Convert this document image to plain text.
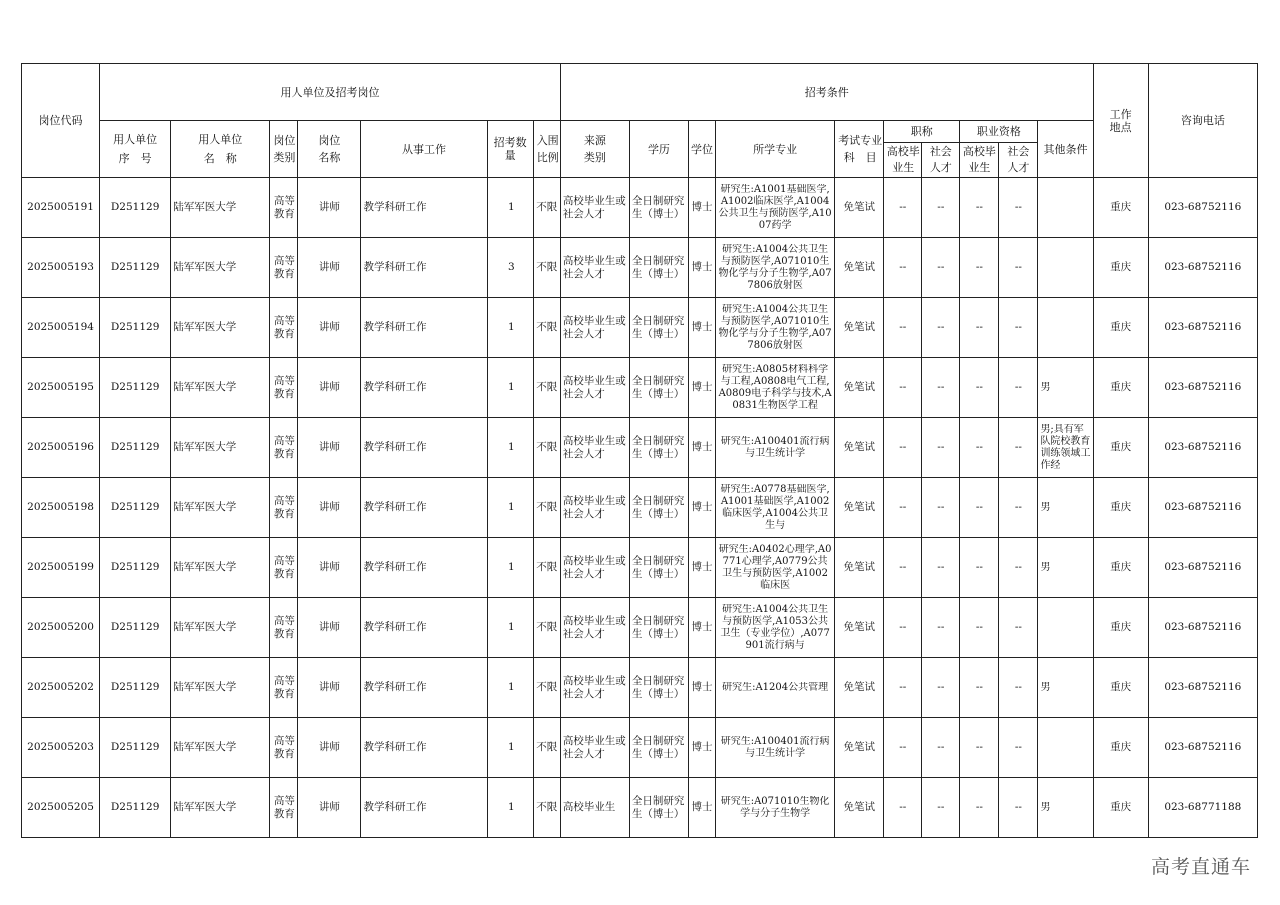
岗位代码	用人单位及招考岗位							招考条件										工作地点	咨询电话

	用人单位序　号	用人单位名　称	岗位类别	岗位名称	从事工作	招考数量	入围比例	来源类别	学历	学位	所学专业	考试专业科　目	职称		职业资格		其他条件		

													高校毕业生	社会人才	高校毕业生	社会人才			

2025005191	D251129	陆军军医大学	高等教育	讲师	教学科研工作	1	不限	高校毕业生或社会人才	全日制研究生（博士）	博士	研究生:A1001基础医学,A1002临床医学,A1004公共卫生与预防医学,A1007药学	免笔试	--	--	--	--		重庆	023-68752116
2025005193	D251129	陆军军医大学	高等教育	讲师	教学科研工作	3	不限	高校毕业生或社会人才	全日制研究生（博士）	博士	研究生:A1004公共卫生与预防医学,A071010生物化学与分子生物学,A077806放射医	免笔试	--	--	--	--		重庆	023-68752116
2025005194	D251129	陆军军医大学	高等教育	讲师	教学科研工作	1	不限	高校毕业生或社会人才	全日制研究生（博士）	博士	研究生:A1004公共卫生与预防医学,A071010生物化学与分子生物学,A077806放射医	免笔试	--	--	--	--		重庆	023-68752116
2025005195	D251129	陆军军医大学	高等教育	讲师	教学科研工作	1	不限	高校毕业生或社会人才	全日制研究生（博士）	博士	研究生:A0805材料科学与工程,A0808电气工程,A0809电子科学与技术,A0831生物医学工程	免笔试	--	--	--	--	男	重庆	023-68752116
2025005196	D251129	陆军军医大学	高等教育	讲师	教学科研工作	1	不限	高校毕业生或社会人才	全日制研究生（博士）	博士	研究生:A100401流行病与卫生统计学	免笔试	--	--	--	--	男;具有军队院校教育训练领域工作经	重庆	023-68752116
2025005198	D251129	陆军军医大学	高等教育	讲师	教学科研工作	1	不限	高校毕业生或社会人才	全日制研究生（博士）	博士	研究生:A0778基础医学,A1001基础医学,A1002临床医学,A1004公共卫生与	免笔试	--	--	--	--	男	重庆	023-68752116
2025005199	D251129	陆军军医大学	高等教育	讲师	教学科研工作	1	不限	高校毕业生或社会人才	全日制研究生（博士）	博士	研究生:A0402心理学,A0771心理学,A0779公共卫生与预防医学,A1002临床医	免笔试	--	--	--	--	男	重庆	023-68752116
2025005200	D251129	陆军军医大学	高等教育	讲师	教学科研工作	1	不限	高校毕业生或社会人才	全日制研究生（博士）	博士	研究生:A1004公共卫生与预防医学,A1053公共卫生（专业学位）,A077901流行病与	免笔试	--	--	--	--		重庆	023-68752116
2025005202	D251129	陆军军医大学	高等教育	讲师	教学科研工作	1	不限	高校毕业生或社会人才	全日制研究生（博士）	博士	研究生:A1204公共管理	免笔试	--	--	--	--	男	重庆	023-68752116
2025005203	D251129	陆军军医大学	高等教育	讲师	教学科研工作	1	不限	高校毕业生或社会人才	全日制研究生（博士）	博士	研究生:A100401流行病与卫生统计学	免笔试	--	--	--	--		重庆	023-68752116
2025005205	D251129	陆军军医大学	高等教育	讲师	教学科研工作	1	不限	高校毕业生	全日制研究生（博士）	博士	研究生:A071010生物化学与分子生物学	免笔试	--	--	--	--	男	重庆	023-68771188
高考直通车
